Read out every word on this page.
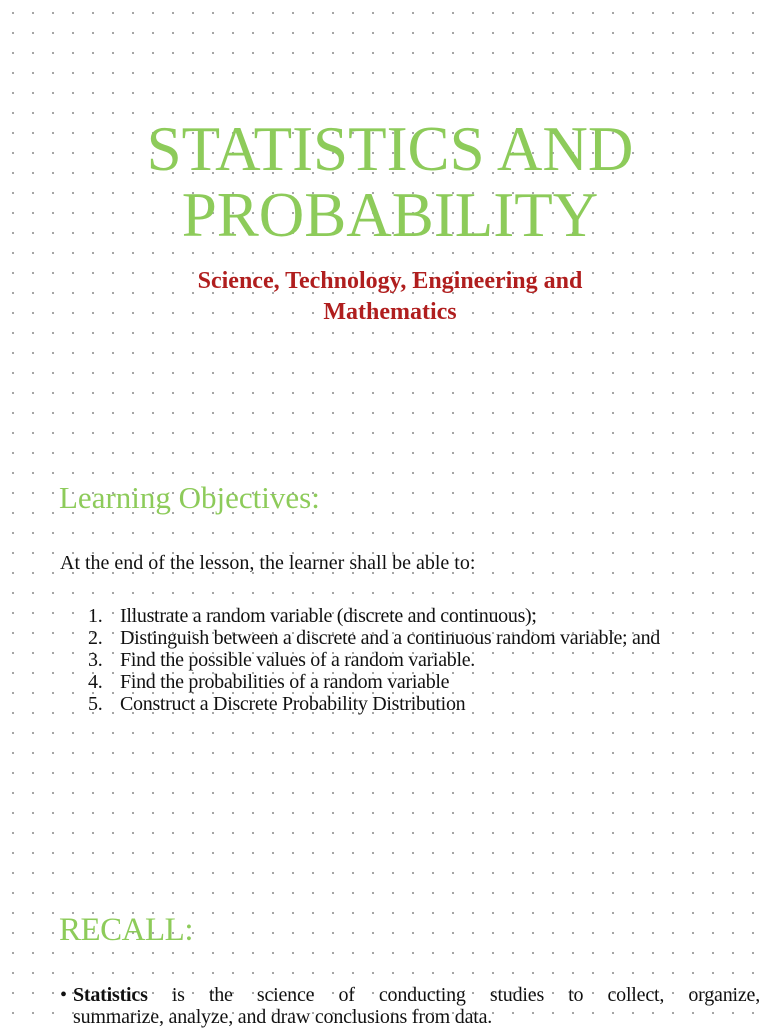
STATISTICS AND
PROBABILITY
Science, Technology, Engineering and
Mathematics
Learning Objectives:

At the end of the lesson, the learner shall be able to:

1. Illustrate a random variable (discrete and continuous);
2. Distinguish between a discrete and a continuous random variable; and
3. Find the possible values of a random variable.
4. Find the probabilities of a random variable
5. Construct a Discrete Probability Distribution
RECALL:
• Statistics is the science of conducting studies to collect, organize,
summarize, analyze, and draw conclusions from data.
